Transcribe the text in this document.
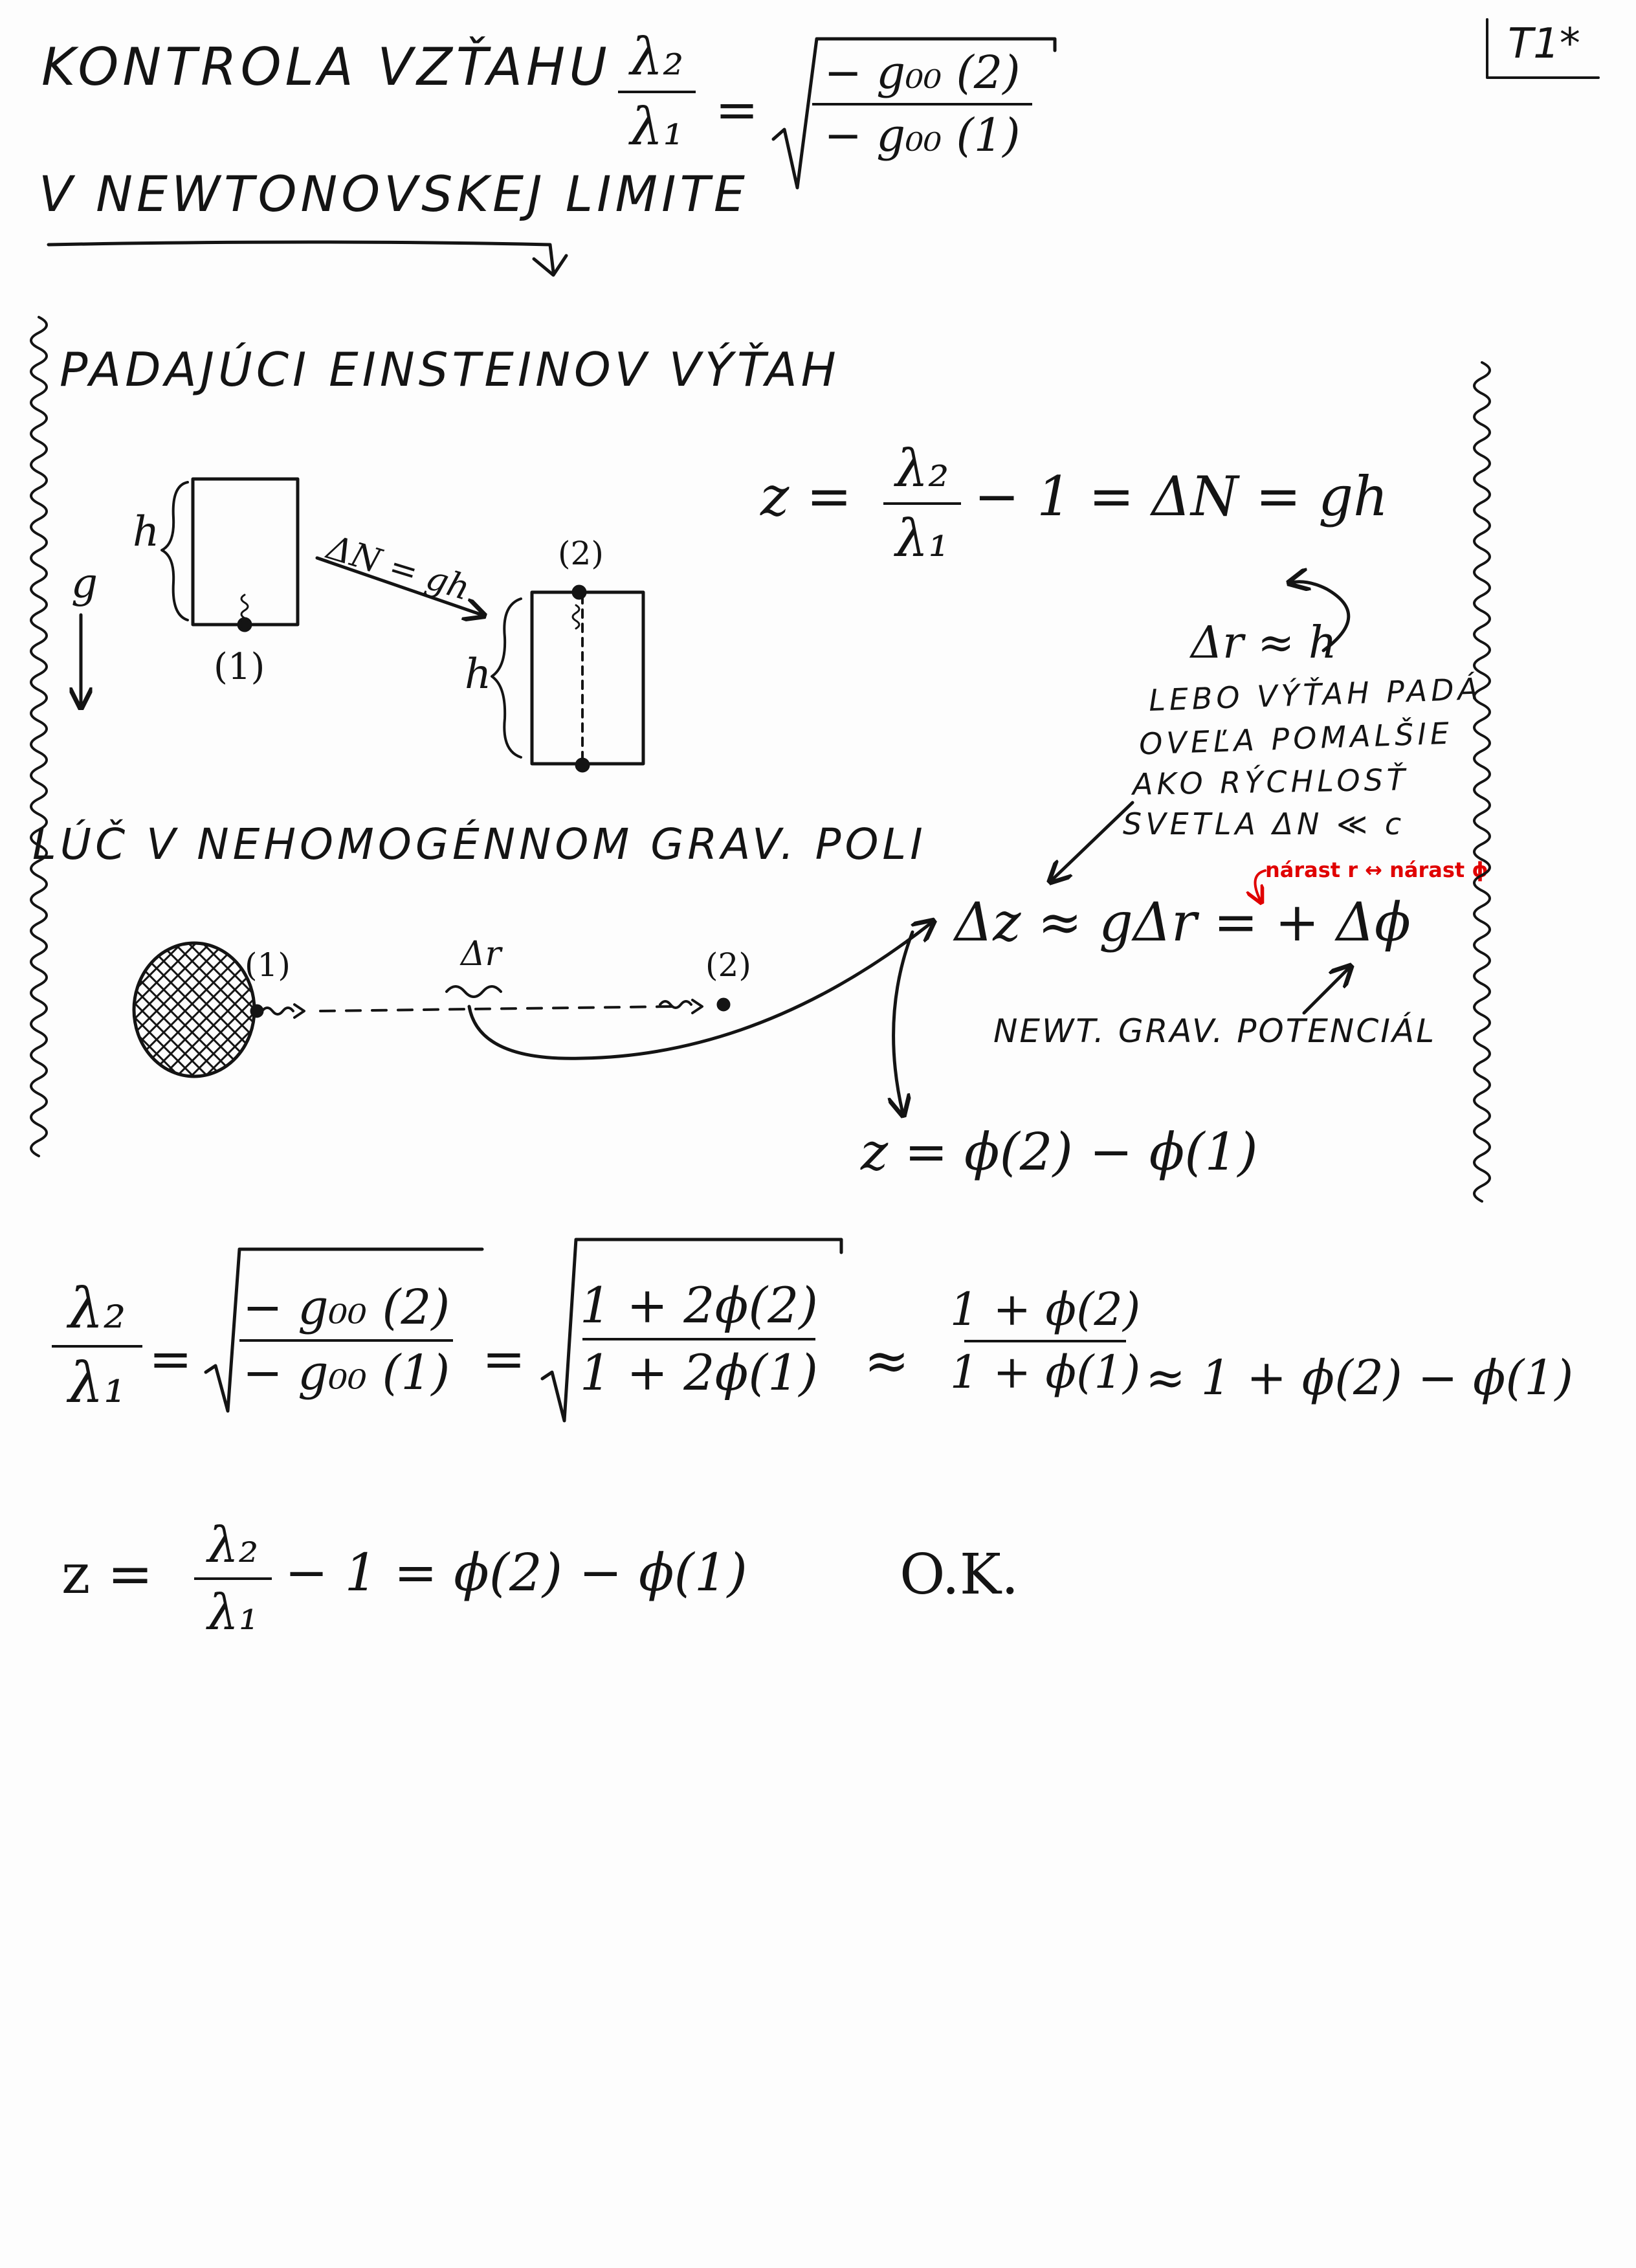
KONTROLA VZŤAHU
V NEWTONOVSKEJ LIMITE
T1*
λ₂
λ₁ =
− g₀₀ (2)
− g₀₀ (1)
PADAJÚCI EINSTEINOV VÝŤAH
g
h
(1)
ΔN = gh	(2)
h
z = λ₂
λ₁
− 1 = ΔN = gh
Δr ≈ h
LEBO VÝŤAH PADÁ
OVEĽA POMALŠIE
AKO RÝCHLOSŤ
SVETLA ΔN ≪ c
LÚČ V NEHOMOGÉNNOM GRAV. POLI
(1)	Δr	(2)
nárast r ↔ nárast ϕ
Δz ≈ gΔr = + Δϕ
NEWT. GRAV. POTENCIÁL
z = ϕ(2) − ϕ(1)
λ₂
λ₁ =
− g₀₀ (2)
− g₀₀ (1) =
1 + 2ϕ(2)
1 + 2ϕ(1) ≈
1 + ϕ(2)
1 + ϕ(1) ≈ 1 + ϕ(2) − ϕ(1)
z = λ₂
λ₁
− 1 = ϕ(2) − ϕ(1)	O.K.
